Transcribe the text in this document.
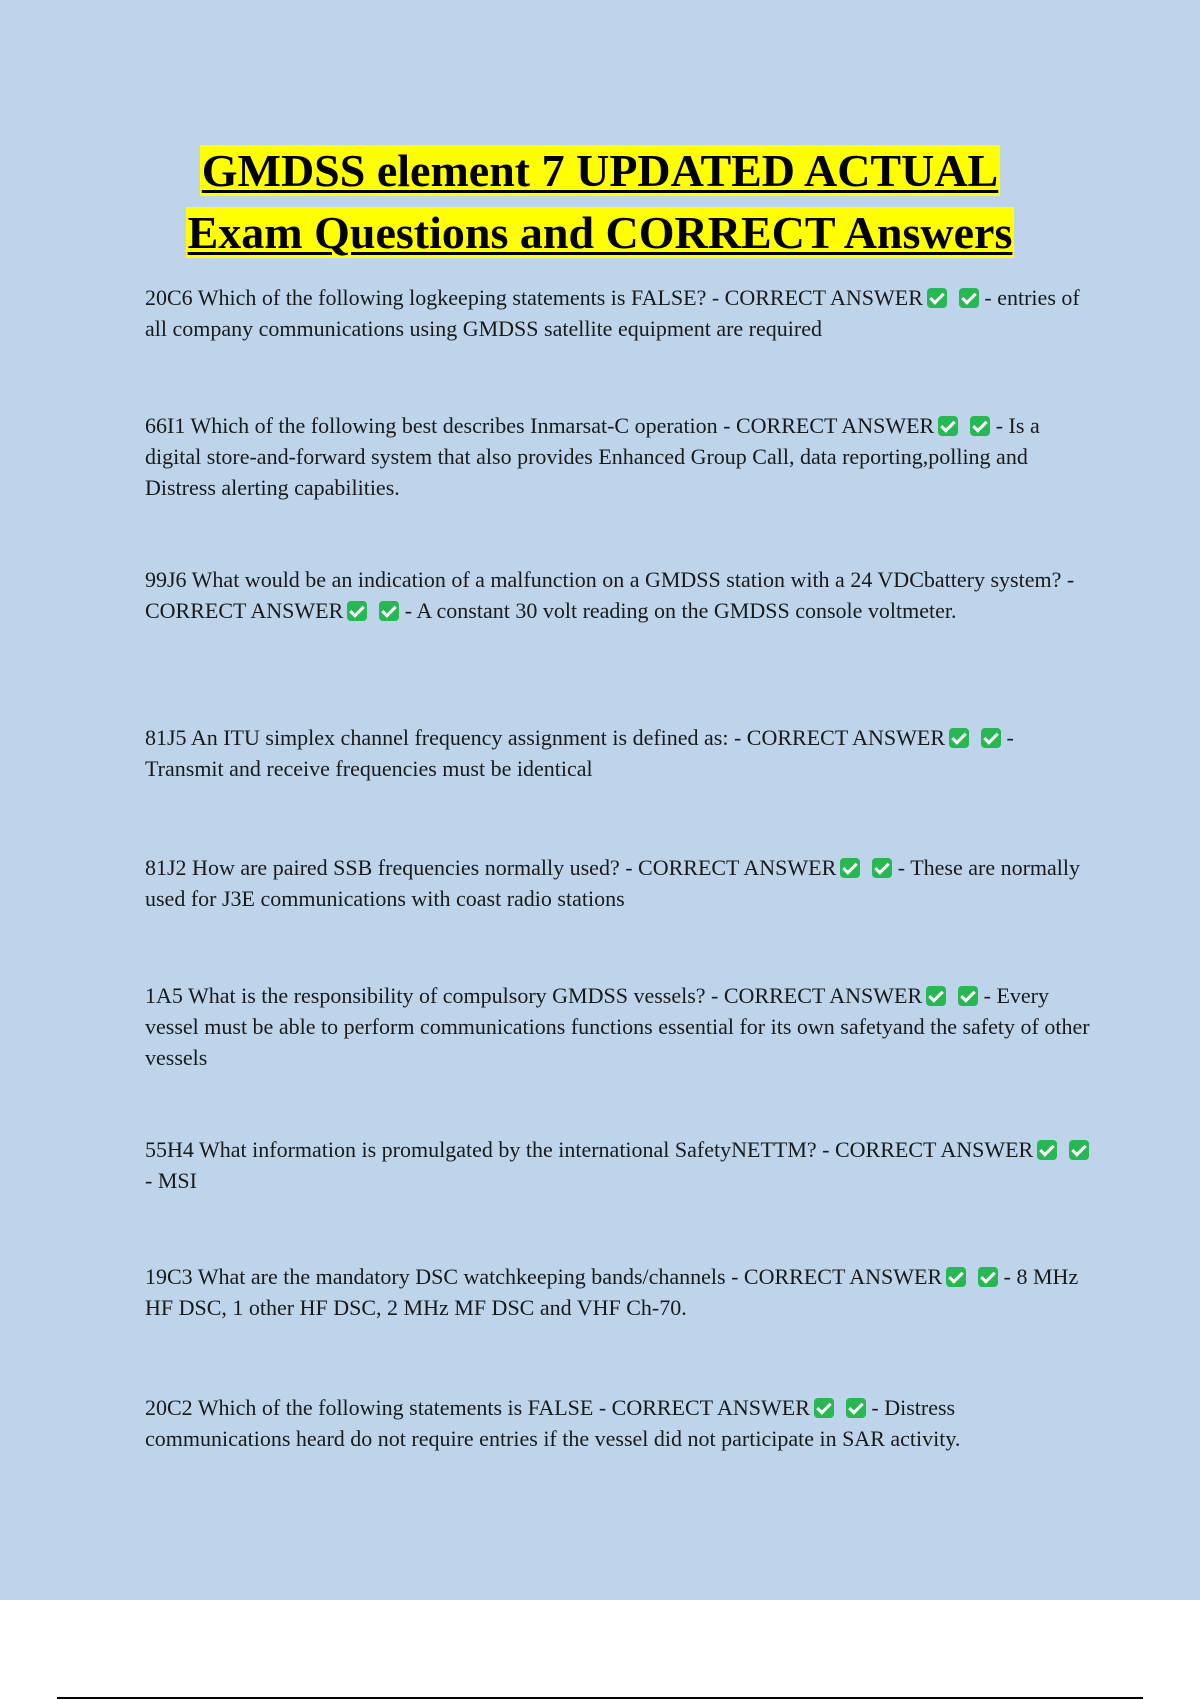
GMDSS element 7 UPDATED ACTUAL
Exam Questions and CORRECT Answers

20C6 Which of the following logkeeping statements is FALSE? - CORRECT ANSWER	- entries of all company communications using GMDSS satellite equipment are required

66I1 Which of the following best describes Inmarsat-C operation - CORRECT ANSWER	- Is a digital store-and-forward system that also provides Enhanced Group Call, data reporting,polling and Distress alerting capabilities.

99J6 What would be an indication of a malfunction on a GMDSS station with a 24 VDCbattery system? - CORRECT ANSWER	- A constant 30 volt reading on the GMDSS console voltmeter.

81J5 An ITU simplex channel frequency assignment is defined as: - CORRECT ANSWER	- Transmit and receive frequencies must be identical

81J2 How are paired SSB frequencies normally used? - CORRECT ANSWER	- These are normally used for J3E communications with coast radio stations

1A5 What is the responsibility of compulsory GMDSS vessels? - CORRECT ANSWER	- Every vessel must be able to perform communications functions essential for its own safetyand the safety of other vessels

55H4 What information is promulgated by the international SafetyNETTM? - CORRECT ANSWER - MSI

19C3 What are the mandatory DSC watchkeeping bands/channels - CORRECT ANSWER	- 8 MHz HF DSC, 1 other HF DSC, 2 MHz MF DSC and VHF Ch-70.

20C2 Which of the following statements is FALSE - CORRECT ANSWER	- Distress communications heard do not require entries if the vessel did not participate in SAR activity.
